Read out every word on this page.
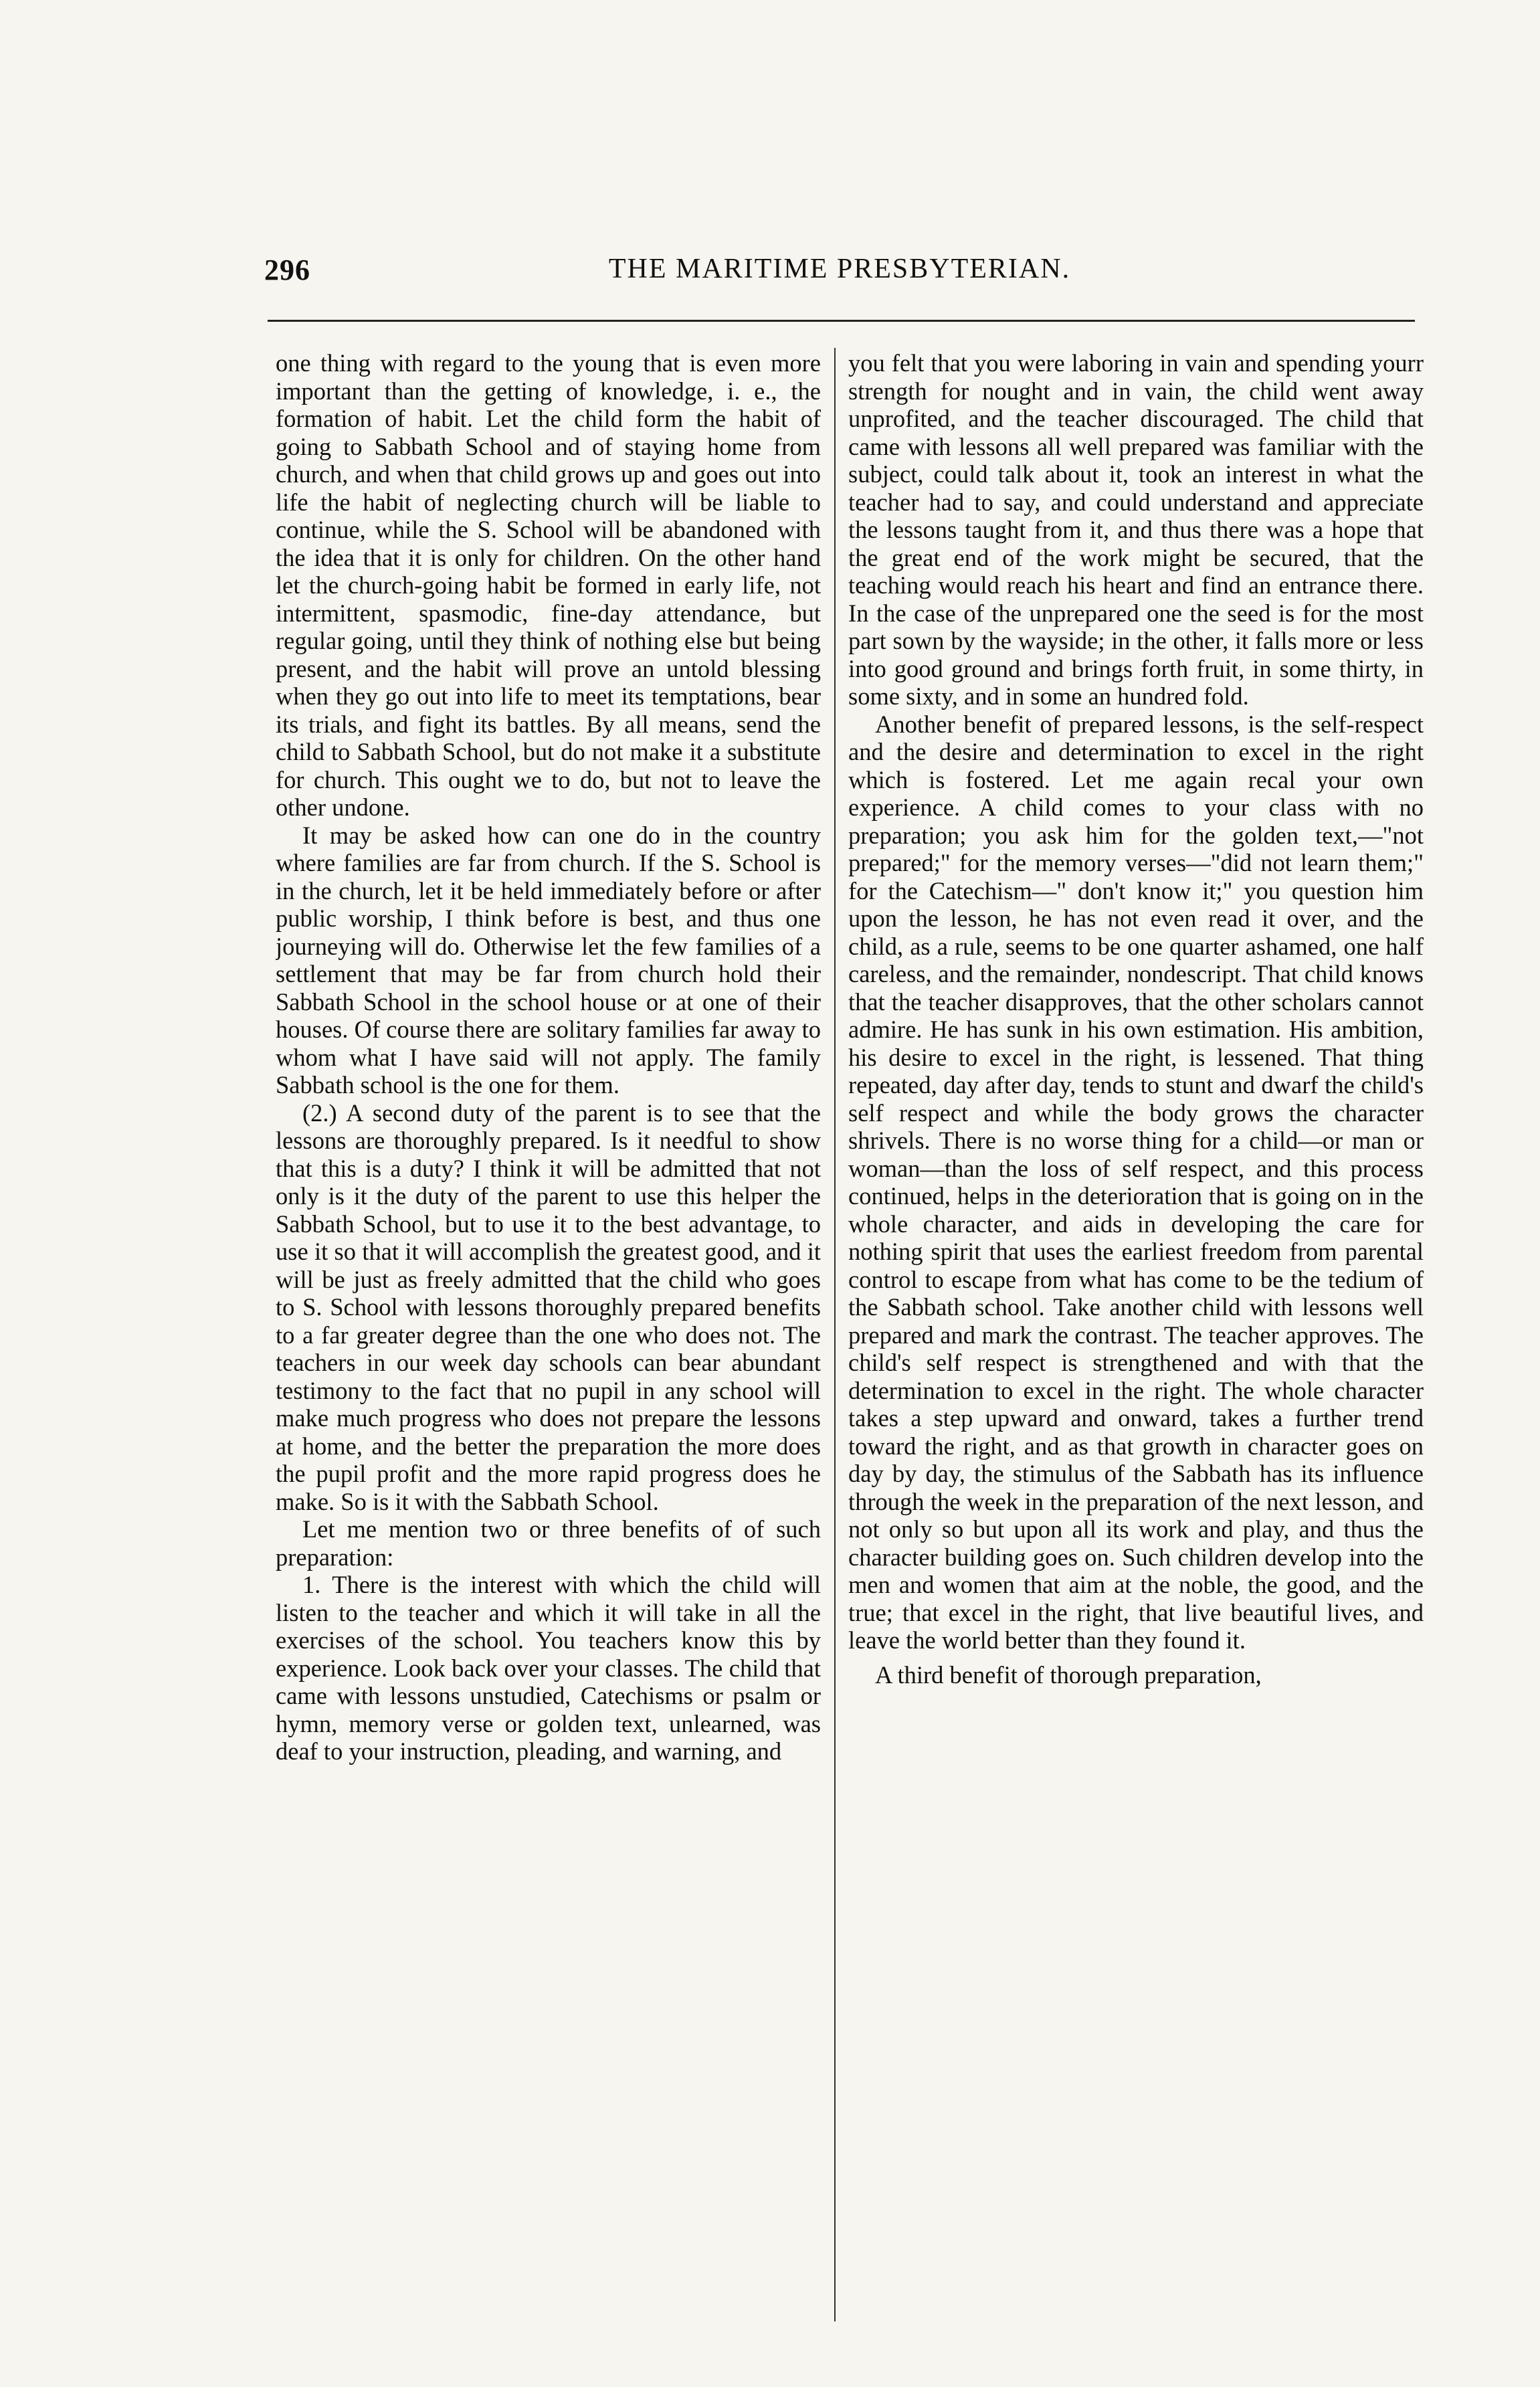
296	THE MARITIME PRESBYTERIAN.

one thing with regard to the young that is even more important than the getting of knowledge, i. e., the formation of habit. Let the child form the habit of going to Sabbath School and of staying home from church, and when that child grows up and goes out into life the habit of neglecting church will be liable to continue, while the S. School will be abandoned with the idea that it is only for children. On the other hand let the church-going habit be formed in early life, not intermittent, spasmodic, fine-day attendance, but regular going, until they think of nothing else but being present, and the habit will prove an untold blessing when they go out into life to meet its temptations, bear its trials, and fight its battles. By all means, send the child to Sabbath School, but do not make it a substitute for church. This ought we to do, but not to leave the other undone.

It may be asked how can one do in the country where families are far from church. If the S. School is in the church, let it be held immediately before or after public worship, I think before is best, and thus one journeying will do. Otherwise let the few families of a settlement that may be far from church hold their Sabbath School in the school house or at one of their houses. Of course there are solitary families far away to whom what I have said will not apply. The family Sabbath school is the one for them.

(2.) A second duty of the parent is to see that the lessons are thoroughly prepared. Is it needful to show that this is a duty? I think it will be admitted that not only is it the duty of the parent to use this helper the Sabbath School, but to use it to the best advantage, to use it so that it will accomplish the greatest good, and it will be just as freely admitted that the child who goes to S. School with lessons thoroughly prepared benefits to a far greater degree than the one who does not. The teachers in our week day schools can bear abundant testimony to the fact that no pupil in any school will make much progress who does not prepare the lessons at home, and the better the preparation the more does the pupil profit and the more rapid progress does he make. So is it with the Sabbath School.

Let me mention two or three benefits of of such preparation:

1. There is the interest with which the child will listen to the teacher and which it will take in all the exercises of the school. You teachers know this by experience. Look back over your classes. The child that came with lessons unstudied, Catechisms or psalm or hymn, memory verse or golden text, unlearned, was deaf to your instruction, pleading, and warning, and

you felt that you were laboring in vain and spending yourr strength for nought and in vain, the child went away unprofited, and the teacher discouraged. The child that came with lessons all well prepared was familiar with the subject, could talk about it, took an interest in what the teacher had to say, and could understand and appreciate the lessons taught from it, and thus there was a hope that the great end of the work might be secured, that the teaching would reach his heart and find an entrance there. In the case of the unprepared one the seed is for the most part sown by the wayside; in the other, it falls more or less into good ground and brings forth fruit, in some thirty, in some sixty, and in some an hundred fold.

Another benefit of prepared lessons, is the self-respect and the desire and determination to excel in the right which is fostered. Let me again recal your own experience. A child comes to your class with no preparation; you ask him for the golden text,—"not prepared;" for the memory verses—"did not learn them;" for the Catechism—" don't know it;" you question him upon the lesson, he has not even read it over, and the child, as a rule, seems to be one quarter ashamed, one half careless, and the remainder, nondescript. That child knows that the teacher disapproves, that the other scholars cannot admire. He has sunk in his own estimation. His ambition, his desire to excel in the right, is lessened. That thing repeated, day after day, tends to stunt and dwarf the child's self respect and while the body grows the character shrivels. There is no worse thing for a child—or man or woman—than the loss of self respect, and this process continued, helps in the deterioration that is going on in the whole character, and aids in developing the care for nothing spirit that uses the earliest freedom from parental control to escape from what has come to be the tedium of the Sabbath school. Take another child with lessons well prepared and mark the contrast. The teacher approves. The child's self respect is strengthened and with that the determination to excel in the right. The whole character takes a step upward and onward, takes a further trend toward the right, and as that growth in character goes on day by day, the stimulus of the Sabbath has its influence through the week in the preparation of the next lesson, and not only so but upon all its work and play, and thus the character building goes on. Such children develop into the men and women that aim at the noble, the good, and the true; that excel in the right, that live beautiful lives, and leave the world better than they found it.

A third benefit of thorough preparation,
